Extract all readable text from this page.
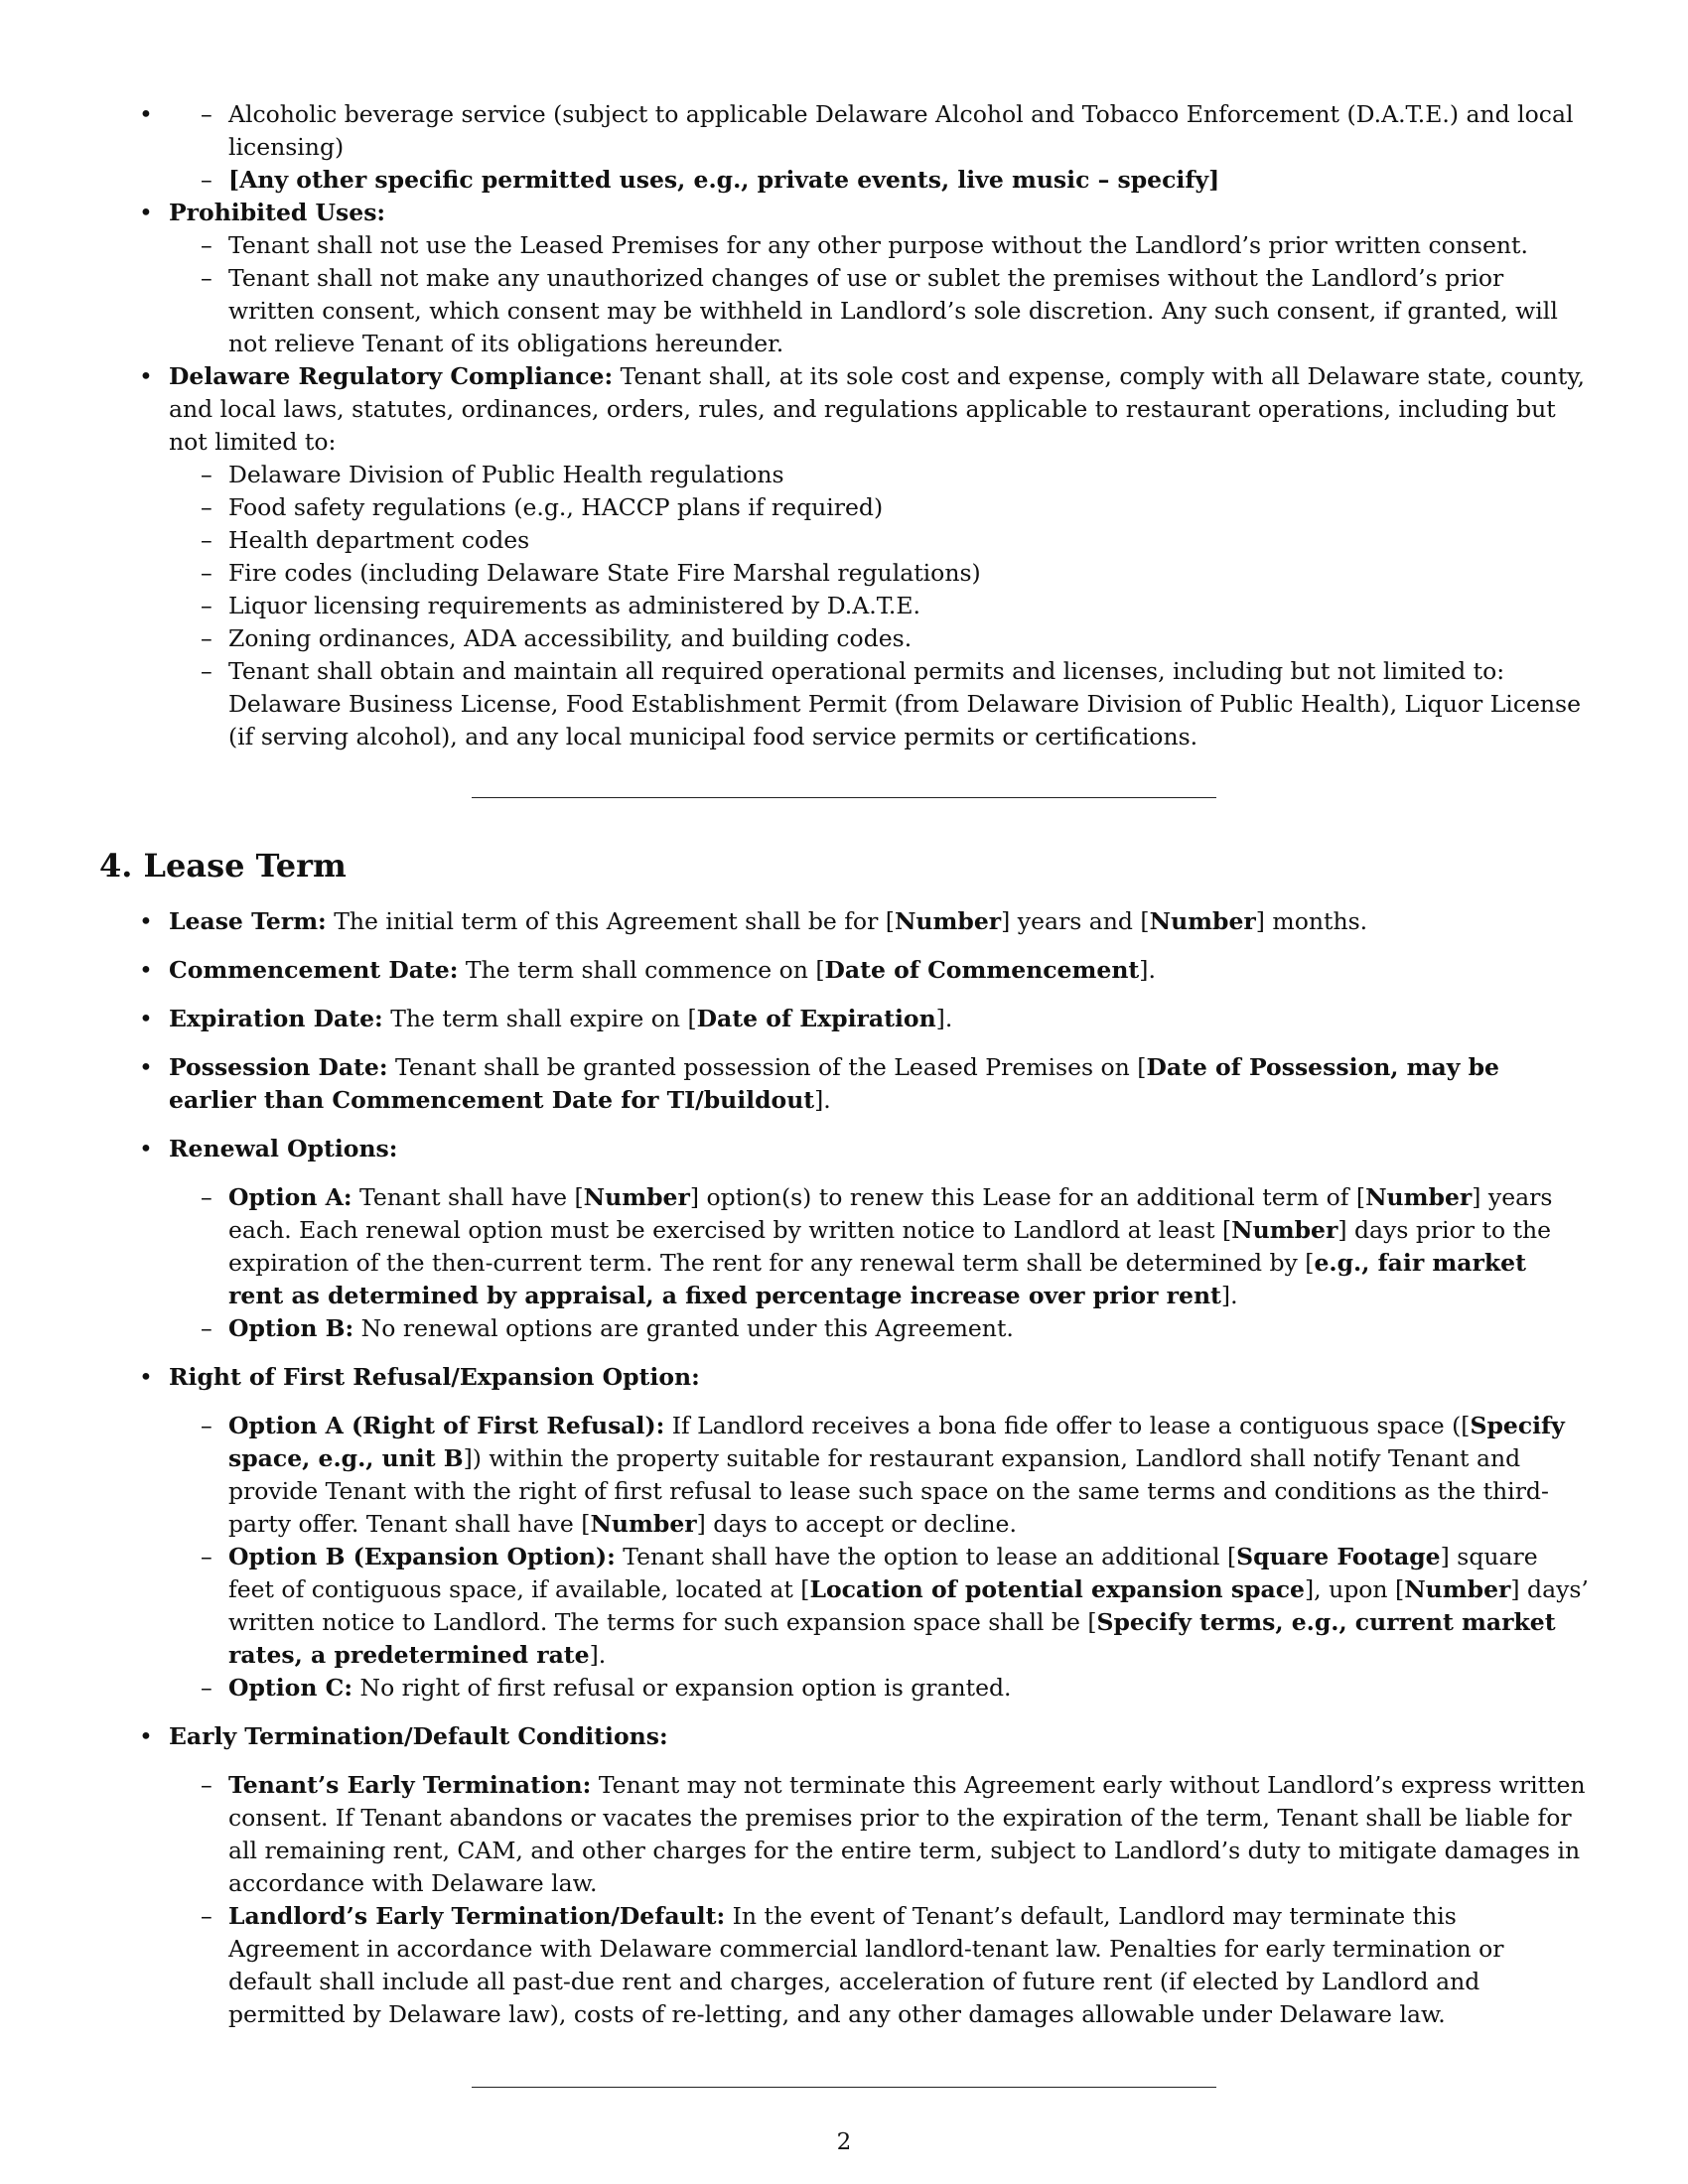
– • Alcoholic beverage service (subject to applicable Delaware Alcohol and Tobacco Enforcement (D.A.T.E.) and local licensing)
– [Any other specific permitted uses, e.g., private events, live music – specify]
• Prohibited Uses:
– Tenant shall not use the Leased Premises for any other purpose without the Landlord’s prior written consent.
– Tenant shall not make any unauthorized changes of use or sublet the premises without the Landlord’s prior written consent, which consent may be withheld in Landlord’s sole discretion. Any such consent, if granted, will not relieve Tenant of its obligations hereunder.
• Delaware Regulatory Compliance: Tenant shall, at its sole cost and expense, comply with all Delaware state, county, and local laws, statutes, ordinances, orders, rules, and regulations applicable to restaurant operations, including but not limited to:
– Delaware Division of Public Health regulations
– Food safety regulations (e.g., HACCP plans if required)
– Health department codes
– Fire codes (including Delaware State Fire Marshal regulations)
– Liquor licensing requirements as administered by D.A.T.E.
– Zoning ordinances, ADA accessibility, and building codes.
– Tenant shall obtain and maintain all required operational permits and licenses, including but not limited to: Delaware Business License, Food Establishment Permit (from Delaware Division of Public Health), Liquor License (if serving alcohol), and any local municipal food service permits or certifications.
4. Lease Term
• Lease Term: The initial term of this Agreement shall be for [Number] years and [Number] months.
• Commencement Date: The term shall commence on [Date of Commencement].
• Expiration Date: The term shall expire on [Date of Expiration].
• Possession Date: Tenant shall be granted possession of the Leased Premises on [Date of Possession, may be earlier than Commencement Date for TI/buildout].
• Renewal Options:
– Option A: Tenant shall have [Number] option(s) to renew this Lease for an additional term of [Number] years each. Each renewal option must be exercised by written notice to Landlord at least [Number] days prior to the expiration of the then-current term. The rent for any renewal term shall be determined by [e.g., fair market rent as determined by appraisal, a fixed percentage increase over prior rent].
– Option B: No renewal options are granted under this Agreement.
• Right of First Refusal/Expansion Option:
– Option A (Right of First Refusal): If Landlord receives a bona fide offer to lease a contiguous space ([Specify space, e.g., unit B]) within the property suitable for restaurant expansion, Landlord shall notify Tenant and provide Tenant with the right of first refusal to lease such space on the same terms and conditions as the third-party offer. Tenant shall have [Number] days to accept or decline.
– Option B (Expansion Option): Tenant shall have the option to lease an additional [Square Footage] square feet of contiguous space, if available, located at [Location of potential expansion space], upon [Number] days’ written notice to Landlord. The terms for such expansion space shall be [Specify terms, e.g., current market rates, a predetermined rate].
– Option C: No right of first refusal or expansion option is granted.
• Early Termination/Default Conditions:
– Tenant’s Early Termination: Tenant may not terminate this Agreement early without Landlord’s express written consent. If Tenant abandons or vacates the premises prior to the expiration of the term, Tenant shall be liable for all remaining rent, CAM, and other charges for the entire term, subject to Landlord’s duty to mitigate damages in accordance with Delaware law.
– Landlord’s Early Termination/Default: In the event of Tenant’s default, Landlord may terminate this Agreement in accordance with Delaware commercial landlord-tenant law. Penalties for early termination or default shall include all past-due rent and charges, acceleration of future rent (if elected by Landlord and permitted by Delaware law), costs of re-letting, and any other damages allowable under Delaware law.
2
